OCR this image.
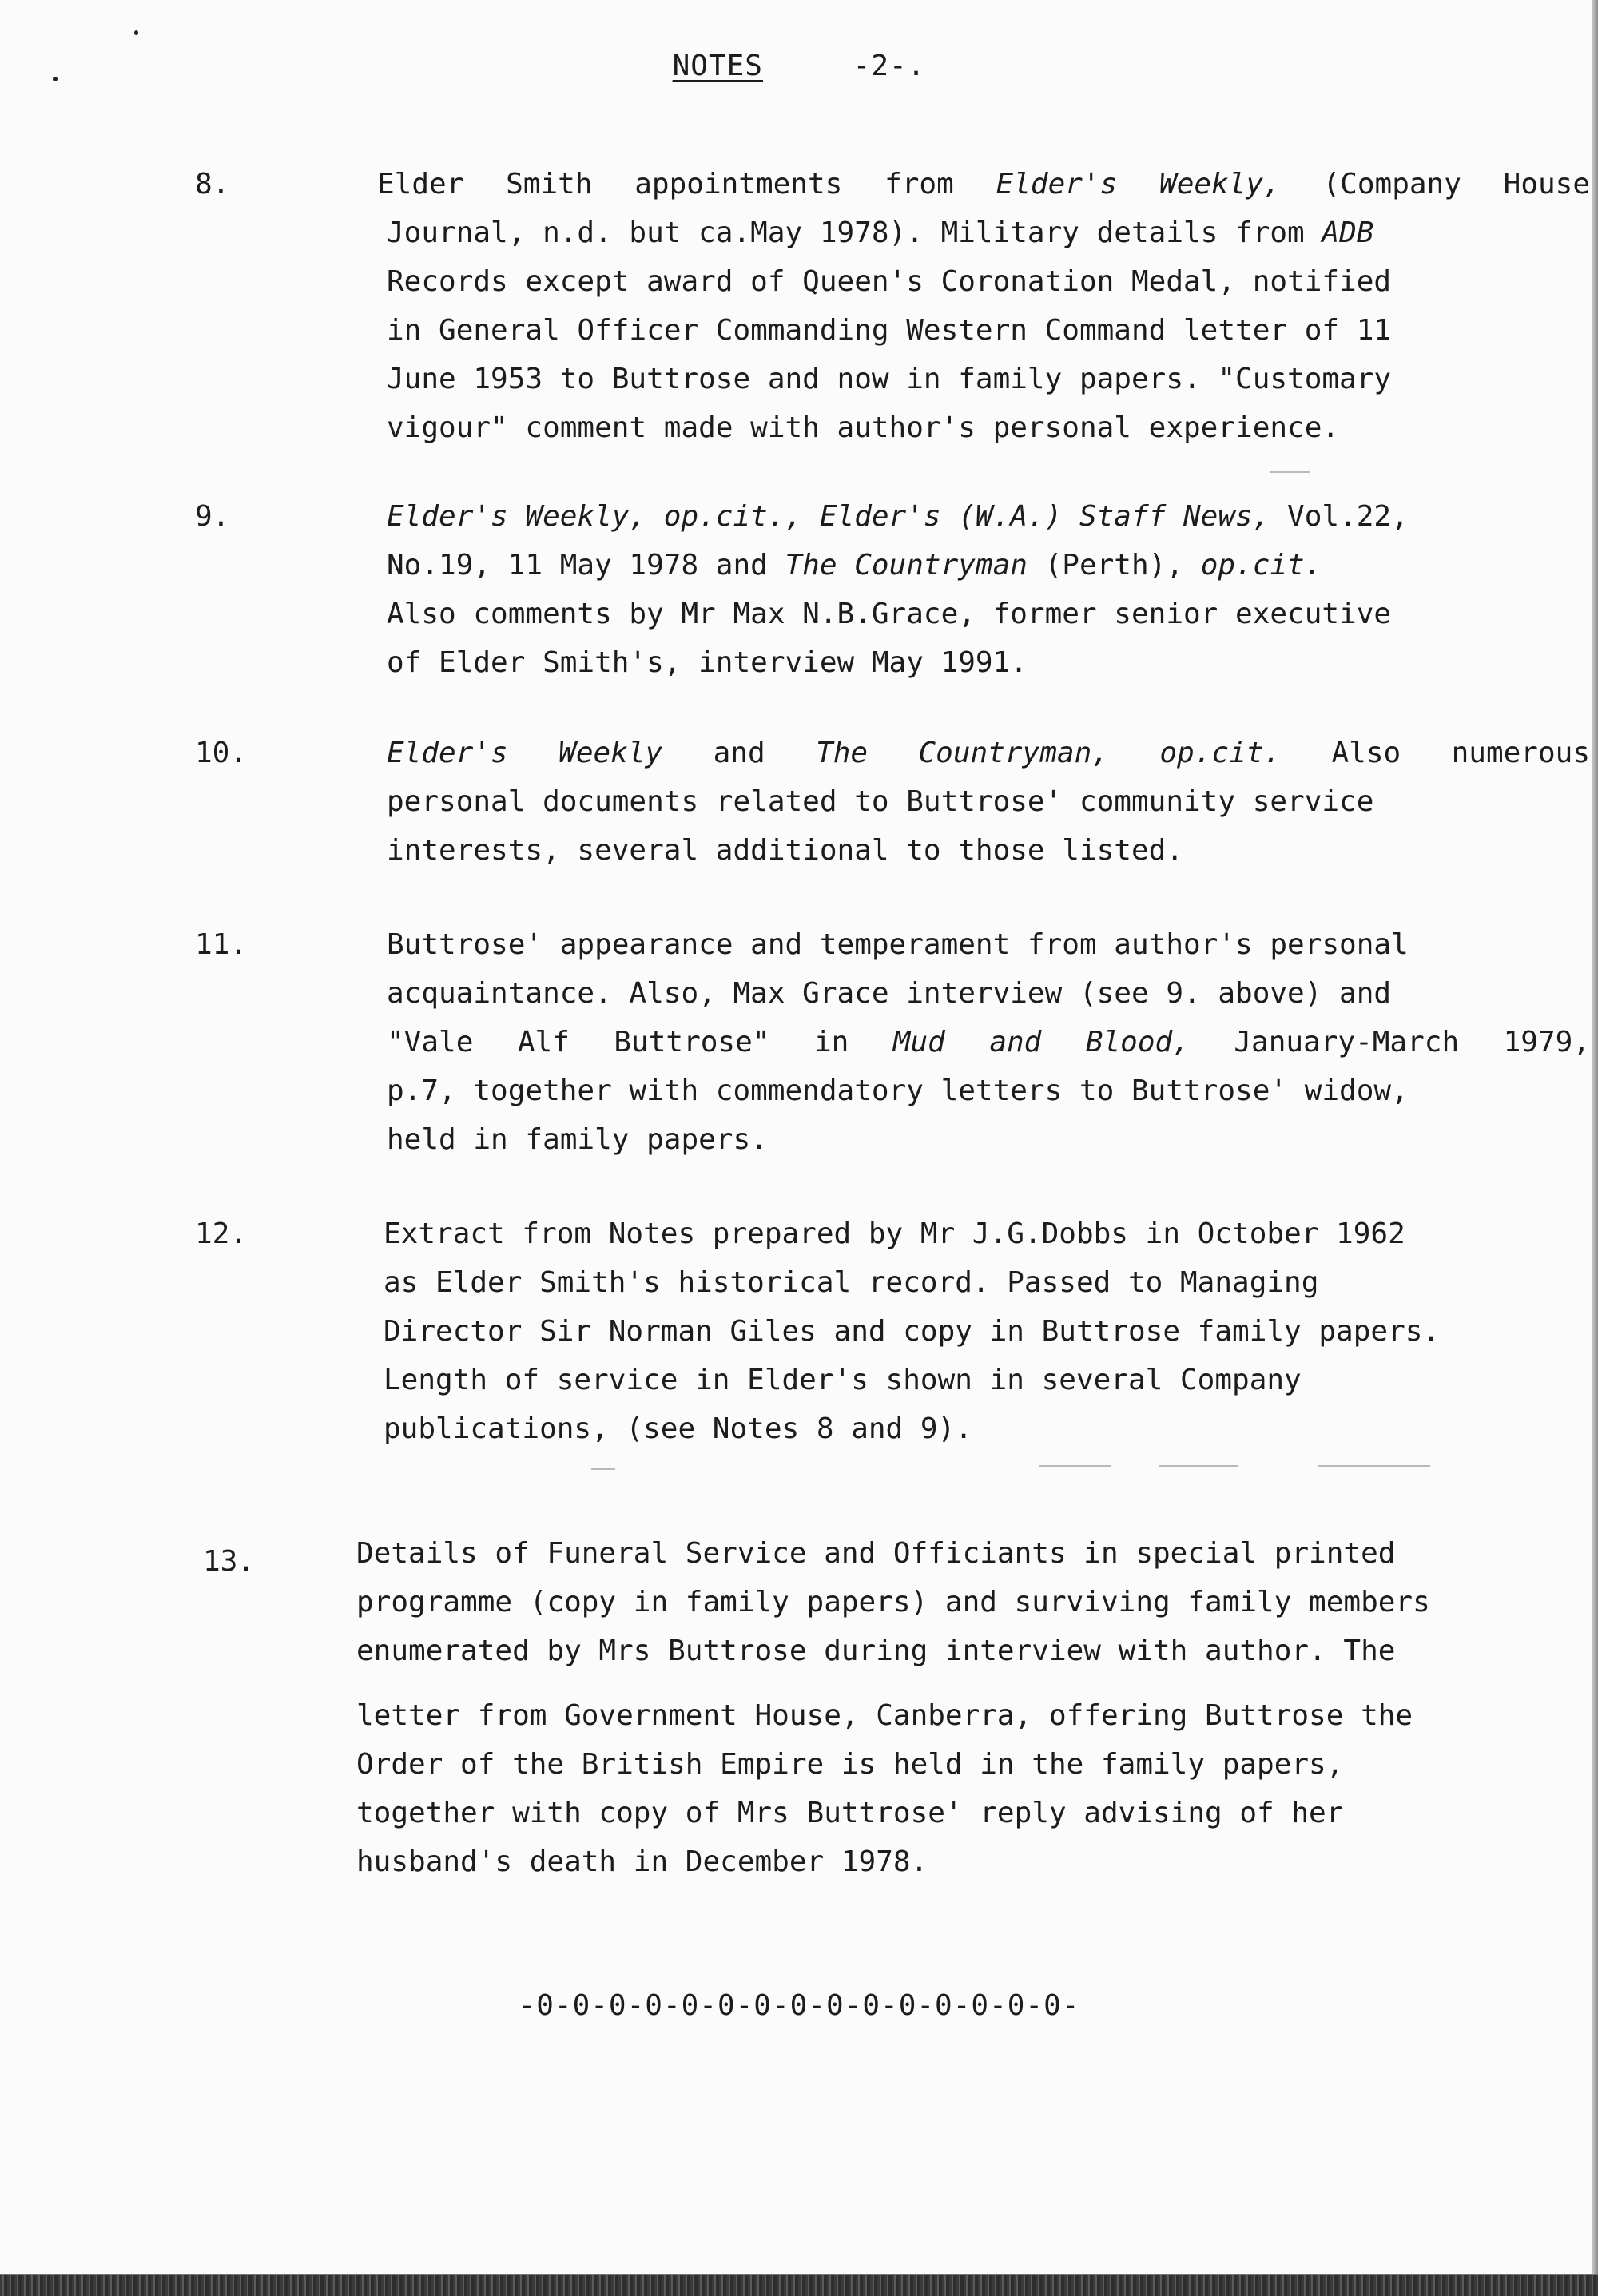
NOTES	-2-.
8.	Elder Smith appointments from Elder's Weekly, (Company House
Journal, n.d. but ca.May 1978). Military details from ADB
Records except award of Queen's Coronation Medal, notified
in General Officer Commanding Western Command letter of 11
June 1953 to Buttrose and now in family papers. "Customary
vigour" comment made with author's personal experience.
9.	Elder's Weekly, op.cit., Elder's (W.A.) Staff News, Vol.22,
No.19, 11 May 1978 and The Countryman (Perth), op.cit.
Also comments by Mr Max N.B.Grace, former senior executive
of Elder Smith's, interview May 1991.
10.	Elder's Weekly and The Countryman, op.cit. Also numerous
personal documents related to Buttrose' community service
interests, several additional to those listed.
11.	Buttrose' appearance and temperament from author's personal
acquaintance. Also, Max Grace interview (see 9. above) and
"Vale Alf Buttrose" in Mud and Blood, January-March 1979,
p.7, together with commendatory letters to Buttrose' widow,
held in family papers.
12.	Extract from Notes prepared by Mr J.G.Dobbs in October 1962
as Elder Smith's historical record. Passed to Managing
Director Sir Norman Giles and copy in Buttrose family papers.
Length of service in Elder's shown in several Company
publications, (see Notes 8 and 9).
13.	Details of Funeral Service and Officiants in special printed
programme (copy in family papers) and surviving family members
enumerated by Mrs Buttrose during interview with author. The
letter from Government House, Canberra, offering Buttrose the
Order of the British Empire is held in the family papers,
together with copy of Mrs Buttrose' reply advising of her
husband's death in December 1978.
-0-0-0-0-0-0-0-0-0-0-0-0-0-0-0-
